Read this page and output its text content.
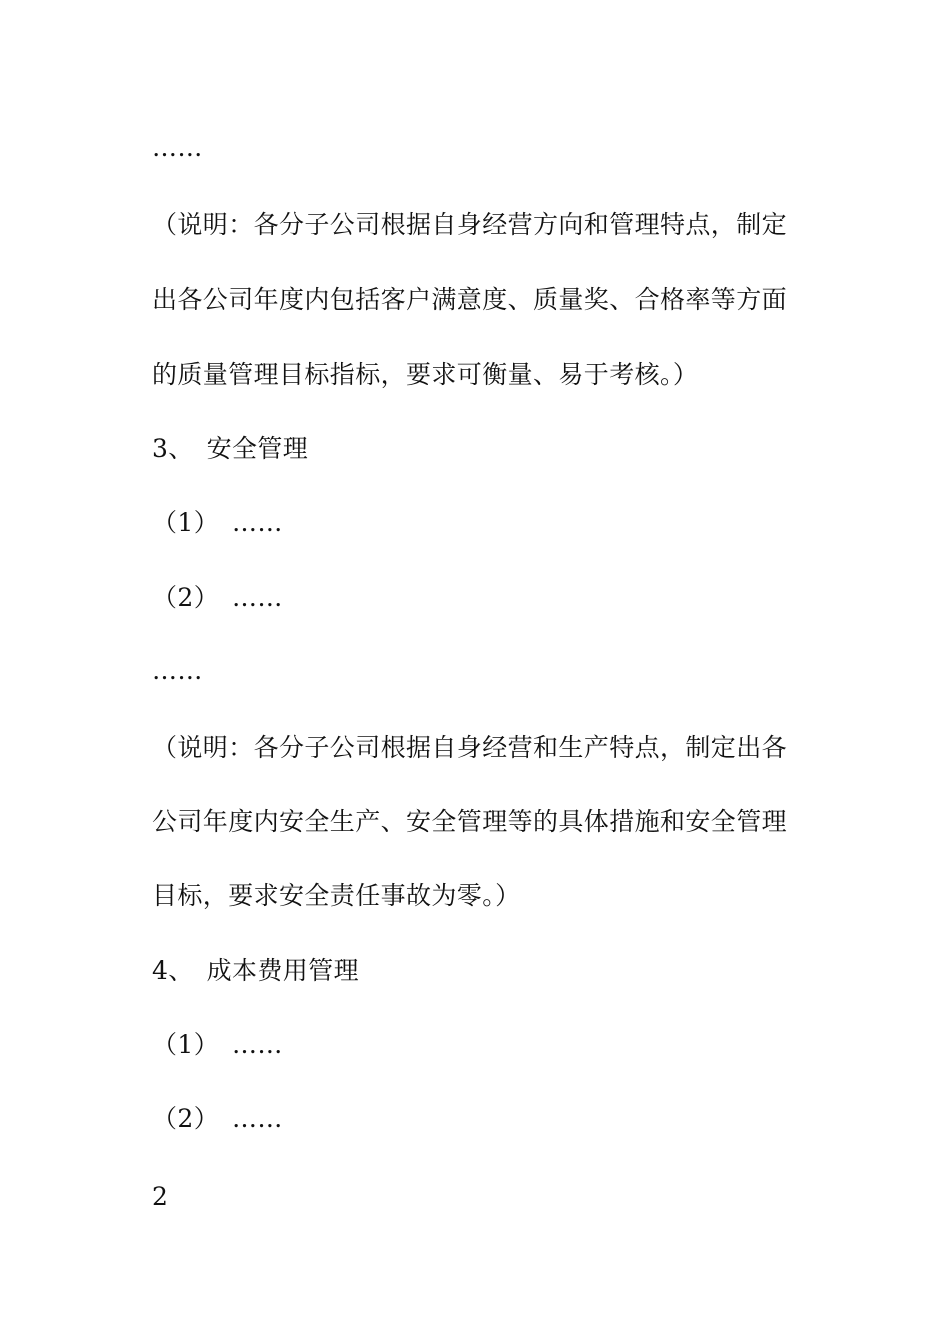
……
（说明：各分子公司根据自身经营方向和管理特点，制定
出各公司年度内包括客户满意度、质量奖、合格率等方面
的质量管理目标指标，要求可衡量、易于考核。）
3、　安全管理
（1）　……
（2）　……
……
（说明：各分子公司根据自身经营和生产特点，制定出各
公司年度内安全生产、安全管理等的具体措施和安全管理
目标，要求安全责任事故为零。）
4、　成本费用管理
（1）　……
（2）　……
2
